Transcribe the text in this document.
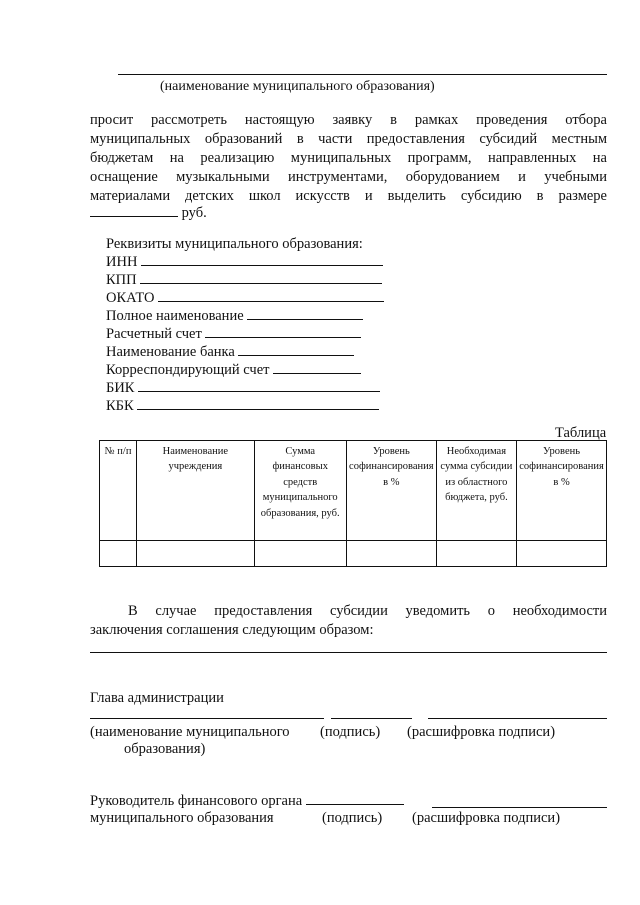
(наименование муниципального образования)
просит рассмотреть настоящую заявку в рамках проведения отбора
муниципальных образований в части предоставления субсидий местным
бюджетам на реализацию муниципальных программ, направленных на
оснащение музыкальными инструментами, оборудованием и учебными
материалами детских школ искусств и выделить субсидию в размере
руб.
Реквизиты муниципального образования:
ИНН
КПП
ОКАТО
Полное наименование
Расчетный счет
Наименование банка
Корреспондирующий счет
БИК
КБК
Таблица
№ п/п	Наименование учреждения	Сумма финансовых средств муниципального образования, руб.	Уровень софинансирования в %	Необходимая сумма субсидии из областного бюджета, руб.	Уровень софинансирования в %

В случае предоставления субсидии уведомить о необходимости
заключения соглашения следующим образом:
Глава администрации
(наименование муниципального (подпись) (расшифровка подписи)
образования)
Руководитель финансового органа
муниципального образования	(подпись) (расшифровка подписи)
